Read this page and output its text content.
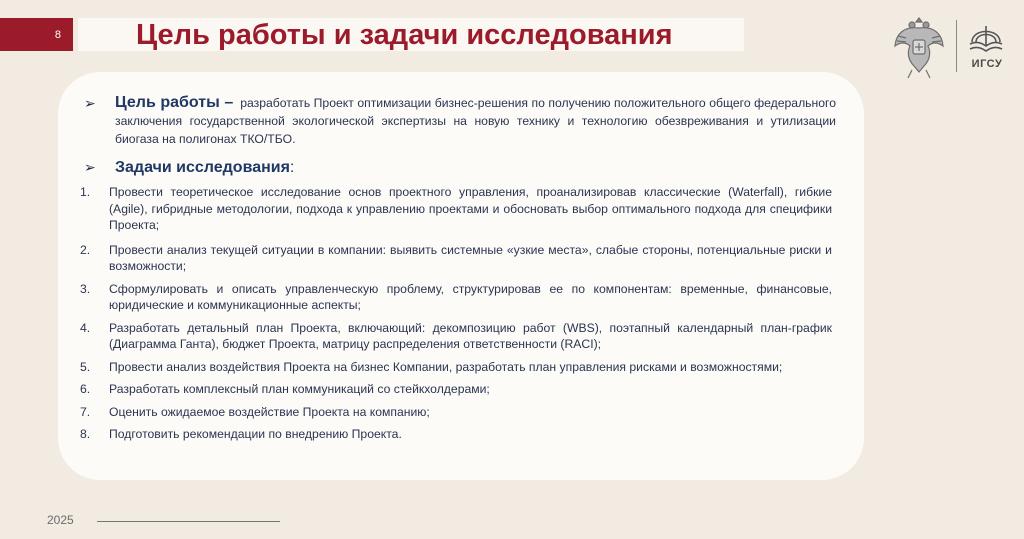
8	Цель работы и задачи исследования
ИГСУ
➢ Цель работы – разработать Проект оптимизации бизнес-решения по получению положительного общего федерального заключения государственной экологической экспертизы на новую технику и технологию обезвреживания и утилизации биогаза на полигонах ТКО/ТБО.

➢ Задачи исследования:
1.	Провести теоретическое исследование основ проектного управления, проанализировав классические (Waterfall), гибкие (Agile), гибридные методологии, подхода к управлению проектами и обосновать выбор оптимального подхода для специфики Проекта;
2.	Провести анализ текущей ситуации в компании: выявить системные «узкие места», слабые стороны, потенциальные риски и возможности;
3.	Сформулировать и описать управленческую проблему, структурировав ее по компонентам: временные, финансовые, юридические и коммуникационные аспекты;
4.	Разработать детальный план Проекта, включающий: декомпозицию работ (WBS), поэтапный календарный план-график (Диаграмма Ганта), бюджет Проекта, матрицу распределения ответственности (RACI);
5.	Провести анализ воздействия Проекта на бизнес Компании, разработать план управления рисками и возможностями;
6.	Разработать комплексный план коммуникаций со стейкхолдерами;
7.	Оценить ожидаемое воздействие Проекта на компанию;
8.	Подготовить рекомендации по внедрению Проекта.
2025
